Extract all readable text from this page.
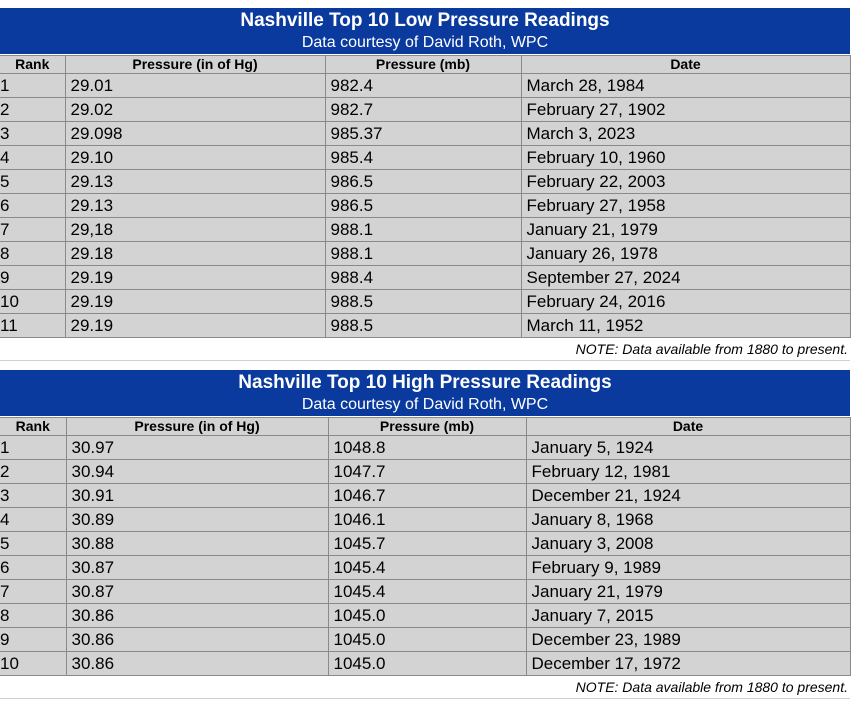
Nashville Top 10 Low Pressure Readings
Data courtesy of David Roth, WPC
Rank	Pressure (in of Hg)	Pressure (mb)	Date
1	29.01	982.4	March 28, 1984
2	29.02	982.7	February 27, 1902
3	29.098	985.37	March 3, 2023
4	29.10	985.4	February 10, 1960
5	29.13	986.5	February 22, 2003
6	29.13	986.5	February 27, 1958
7	29,18	988.1	January 21, 1979
8	29.18	988.1	January 26, 1978
9	29.19	988.4	September 27, 2024
10	29.19	988.5	February 24, 2016
11	29.19	988.5	March 11, 1952
NOTE: Data available from 1880 to present.
Nashville Top 10 High Pressure Readings
Data courtesy of David Roth, WPC
Rank	Pressure (in of Hg)	Pressure (mb)	Date
1	30.97	1048.8	January 5, 1924
2	30.94	1047.7	February 12, 1981
3	30.91	1046.7	December 21, 1924
4	30.89	1046.1	January 8, 1968
5	30.88	1045.7	January 3, 2008
6	30.87	1045.4	February 9, 1989
7	30.87	1045.4	January 21, 1979
8	30.86	1045.0	January 7, 2015
9	30.86	1045.0	December 23, 1989
10	30.86	1045.0	December 17, 1972
NOTE: Data available from 1880 to present.
